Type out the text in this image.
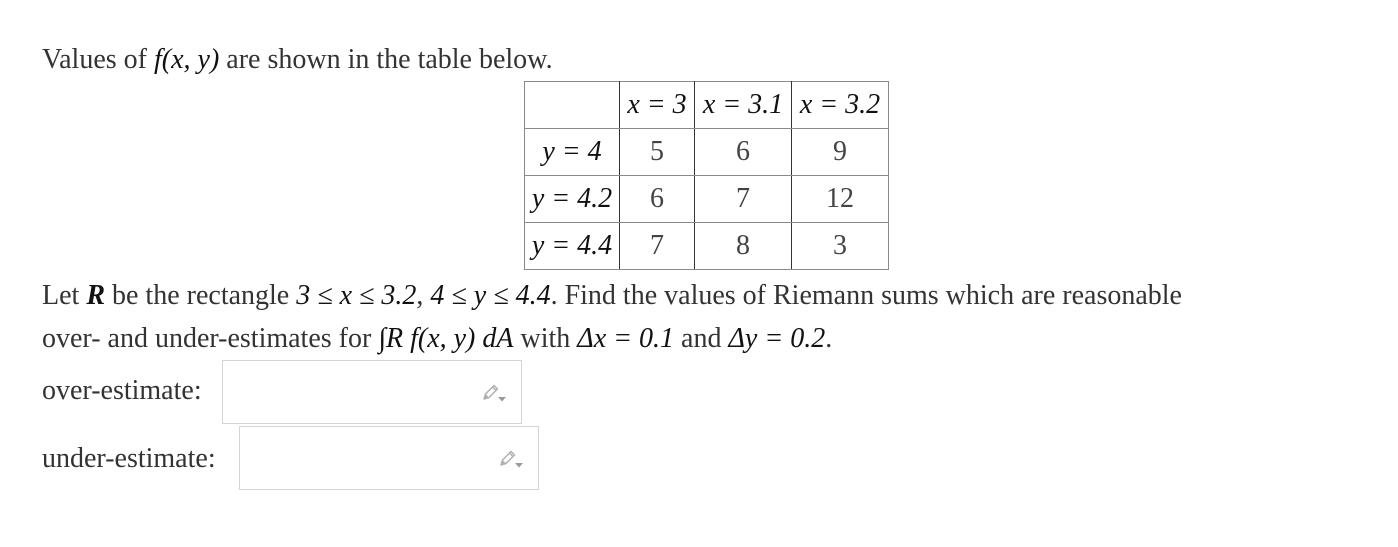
Values of f(x, y) are shown in the table below.
	x = 3	x = 3.1	x = 3.2
y = 4	5	6	9
y = 4.2	6	7	12
y = 4.4	7	8	3
Let R be the rectangle 3 ≤ x ≤ 3.2, 4 ≤ y ≤ 4.4. Find the values of Riemann sums which are reasonable
over- and under-estimates for ∫R f(x, y) dA with Δx = 0.1 and Δy = 0.2.
over-estimate:
under-estimate:
